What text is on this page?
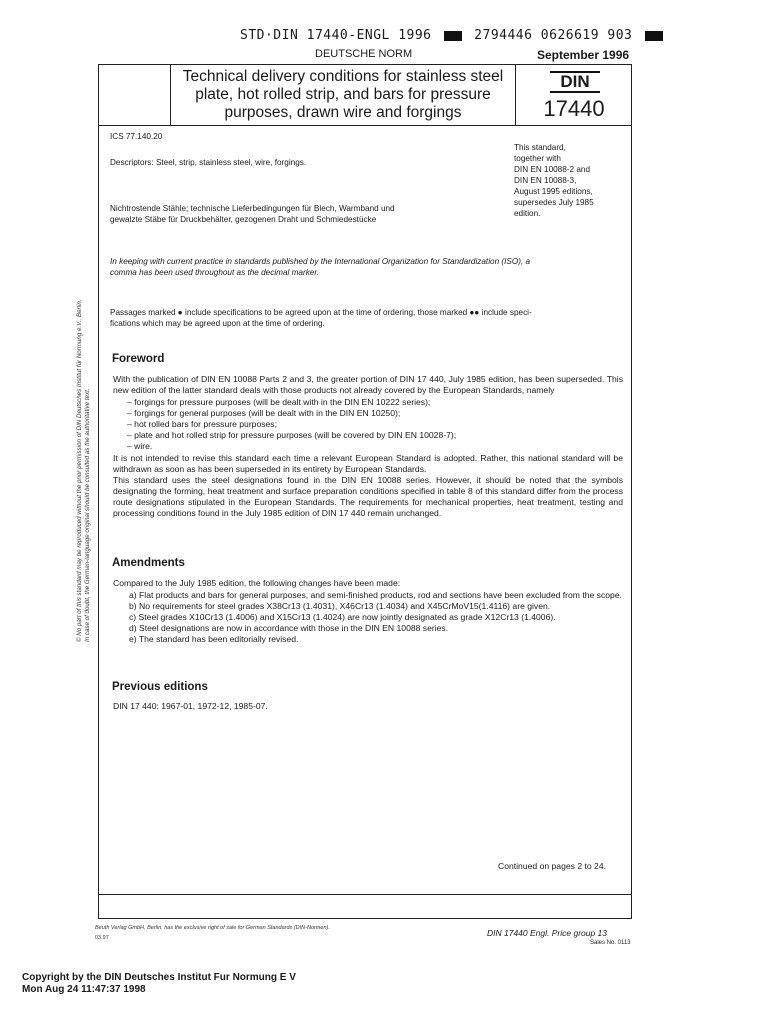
STD·DIN 17440-ENGL 1996	2794446 0626619 903
DEUTSCHE NORM	September 1996
Technical delivery conditions for stainless steel
plate, hot rolled strip, and bars for pressure
purposes, drawn wire and forgings
DIN
17440
ICS 77.140.20
Descriptors: Steel, strip, stainless steel, wire, forgings.
Nichtrostende Stähle; technische Lieferbedingungen für Blech, Warmband und
gewalzte Stäbe für Druckbehälter, gezogenen Draht und Schmiedestücke
This standard,
together with
DIN EN 10088-2 and
DIN EN 10088-3,
August 1995 editions,
supersedes July 1985
edition.
In keeping with current practice in standards published by the International Organization for Standardization (ISO), a
comma has been used throughout as the decimal marker.
Passages marked ● include specifications to be agreed upon at the time of ordering, those marked ●● include speci-
fications which may be agreed upon at the time of ordering.
Foreword
With the publication of DIN EN 10088 Parts 2 and 3, the greater portion of DIN 17 440, July 1985 edition, has been superseded. This new edition of the latter standard deals with those products not already covered by the European Standards, namely
– forgings for pressure purposes (will be dealt with in the DIN EN 10222 series);
– forgings for general purposes (will be dealt with in the DIN EN 10250);
– hot rolled bars for pressure purposes;
– plate and hot rolled strip for pressure purposes (will be covered by DIN EN 10028-7);
– wire.
It is not intended to revise this standard each time a relevant European Standard is adopted. Rather, this national standard will be withdrawn as soon as has been superseded in its entirety by European Standards.
This standard uses the steel designations found in the DIN EN 10088 series. However, it should be noted that the symbols designating the forming, heat treatment and surface preparation conditions specified in table 8 of this standard differ from the process route designations stipulated in the European Standards. The requirements for mechanical properties, heat treatment, testing and processing conditions found in the July 1985 edition of DIN 17 440 remain unchanged.
Amendments
Compared to the July 1985 edition, the following changes have been made:
a) Flat products and bars for general purposes, and semi-finished products, rod and sections have been excluded from the scope.
b) No requirements for steel grades X38Cr13 (1.4031), X46Cr13 (1.4034) and X45CrMoV15(1.4116) are given.
c) Steel grades X10Cr13 (1.4006) and X15Cr13 (1.4024) are now jointly designated as grade X12Cr13 (1.4006).
d) Steel designations are now in accordance with those in the DIN EN 10088 series.
e) The standard has been editorially revised.
Previous editions
DIN 17 440: 1967-01, 1972-12, 1985-07.
Continued on pages 2 to 24.
Beuth Verlag GmbH, Berlin, has the exclusive right of sale for German Standards (DIN-Normen).
03.97	DIN 17440 Engl. Price group 13
Sales No. 0113
© No part of this standard may be reproduced without the prior permission of DIN Deutsches Institut für Normung e.V., Berlin. In case of doubt, the German-language original should be consulted as the authoritative text.
Copyright by the DIN Deutsches Institut Fur Normung E V
Mon Aug 24 11:47:37 1998
